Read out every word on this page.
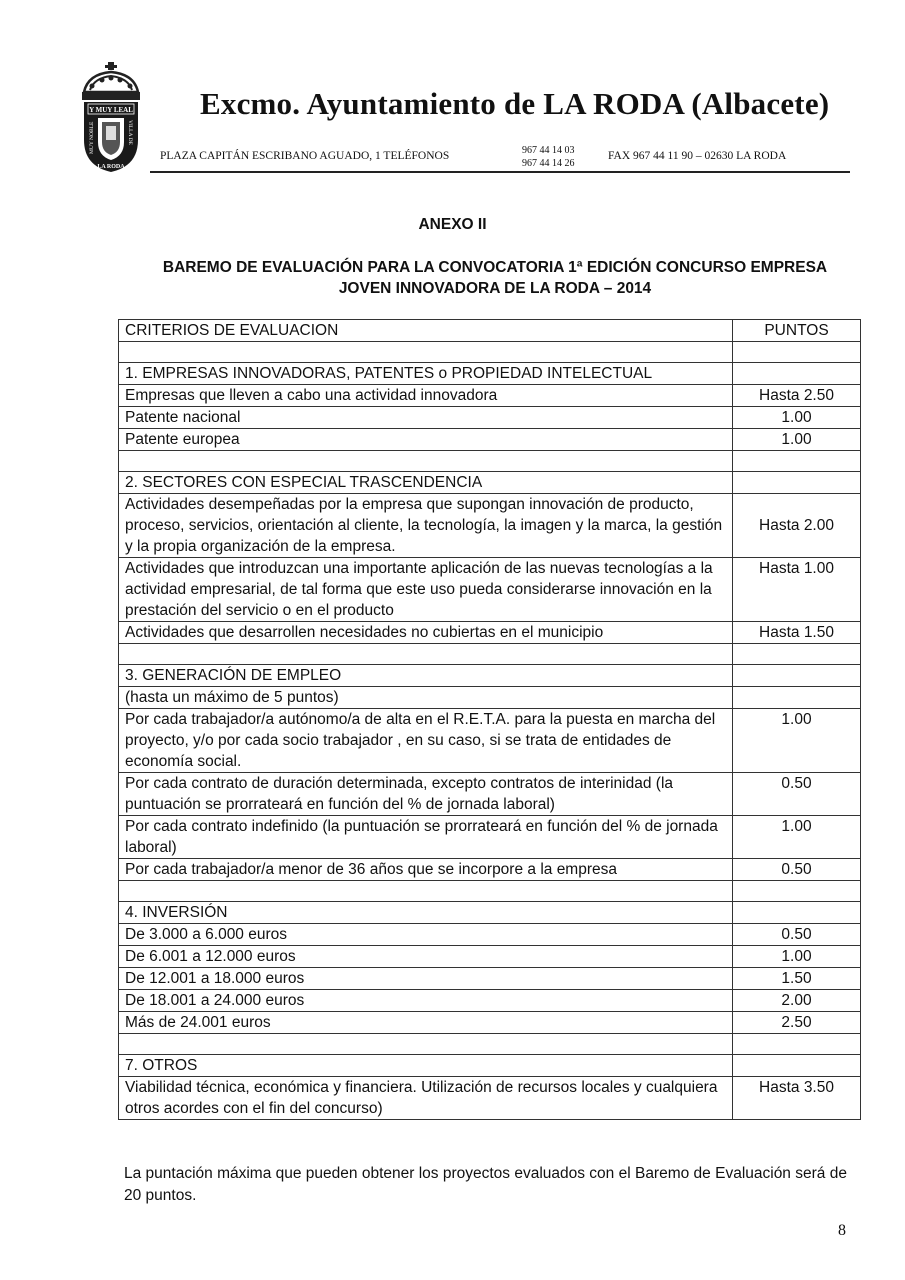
Y MUY LEAL
MUY NOBLE	VILLA DE
LA RODA
Excmo. Ayuntamiento de LA RODA (Albacete)
PLAZA CAPITÁN ESCRIBANO AGUADO, 1 TELÉFONOS	967 44 14 03
967 44 14 26
FAX 967 44 11 90 – 02630 LA RODA
ANEXO II
BAREMO DE EVALUACIÓN PARA LA CONVOCATORIA 1ª EDICIÓN CONCURSO EMPRESA JOVEN INNOVADORA DE LA RODA – 2014
CRITERIOS DE EVALUACION	PUNTOS

1. EMPRESAS INNOVADORAS, PATENTES o PROPIEDAD INTELECTUAL	
Empresas que lleven a cabo una actividad innovadora	Hasta 2.50
Patente nacional	1.00
Patente europea	1.00

2. SECTORES CON ESPECIAL TRASCENDENCIA	
Actividades desempeñadas por la empresa que supongan innovación de producto, proceso, servicios, orientación al cliente, la tecnología, la imagen y la marca, la gestión y la propia organización de la empresa.	Hasta 2.00
Actividades que introduzcan una importante aplicación de las nuevas tecnologías a la actividad empresarial, de tal forma que este uso pueda considerarse innovación en la prestación del servicio o en el producto	Hasta 1.00
Actividades que desarrollen necesidades no cubiertas en el municipio	Hasta 1.50

3. GENERACIÓN DE EMPLEO	
(hasta un máximo de 5 puntos)	
Por cada trabajador/a autónomo/a de alta en el R.E.T.A. para la puesta en marcha del proyecto, y/o por cada socio trabajador , en su caso, si se trata de entidades de economía social.	1.00
Por cada contrato de duración determinada, excepto contratos de interinidad (la puntuación se prorrateará en función del % de jornada laboral)	0.50
Por cada contrato indefinido (la puntuación se prorrateará en función del % de jornada laboral)	1.00
Por cada trabajador/a menor de 36 años que se incorpore a la empresa	0.50

4. INVERSIÓN	
De 3.000 a 6.000 euros	0.50
De 6.001 a 12.000 euros	1.00
De 12.001 a 18.000 euros	1.50
De 18.001 a 24.000 euros	2.00
Más de 24.001 euros	2.50

7. OTROS	
Viabilidad técnica, económica y financiera. Utilización de recursos locales y cualquiera otros acordes con el fin del concurso)	Hasta 3.50
La puntación máxima que pueden obtener los proyectos evaluados con el Baremo de Evaluación será de 20 puntos.
8
